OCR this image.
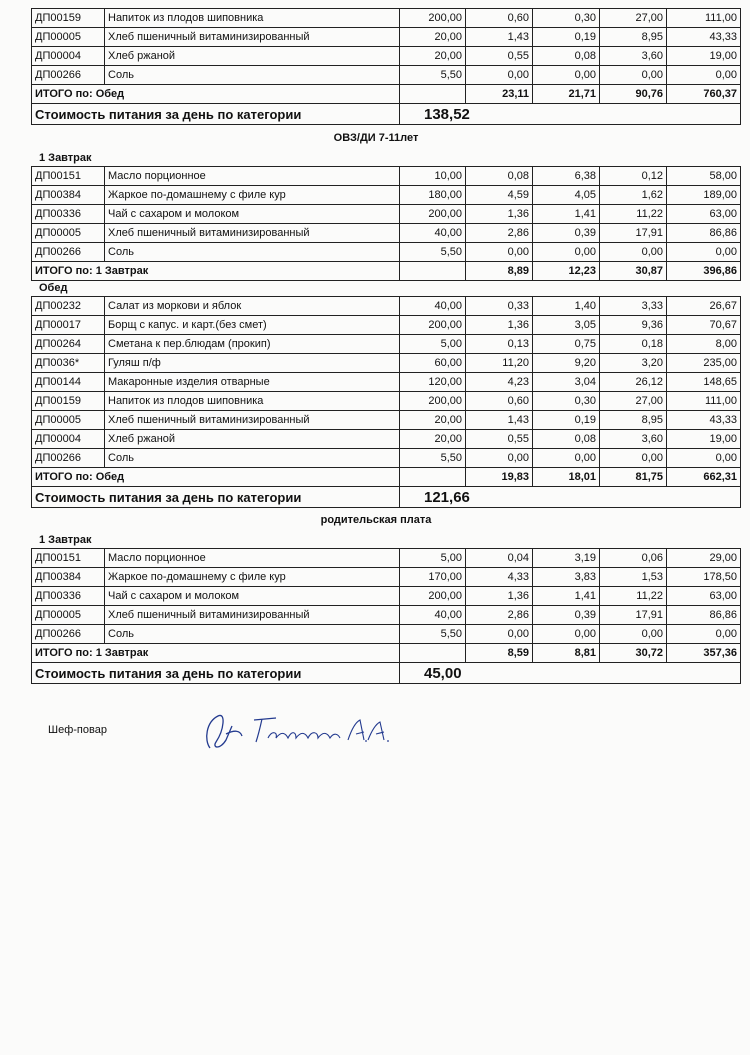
ДП00159	Напиток из плодов шиповника	200,00	0,60	0,30	27,00	111,00
ДП00005	Хлеб пшеничный витаминизированный	20,00	1,43	0,19	8,95	43,33
ДП00004	Хлеб ржаной	20,00	0,55	0,08	3,60	19,00
ДП00266	Соль	5,50	0,00	0,00	0,00	0,00
ИТОГО по: Обед			23,11	21,71	90,76	760,37
Стоимость питания за день по категории		138,52				
ОВЗ/ДИ 7-11лет
1 Завтрак
ДП00151	Масло порционное	10,00	0,08	6,38	0,12	58,00
ДП00384	Жаркое по-домашнему с филе кур	180,00	4,59	4,05	1,62	189,00
ДП00336	Чай с сахаром и молоком	200,00	1,36	1,41	11,22	63,00
ДП00005	Хлеб пшеничный витаминизированный	40,00	2,86	0,39	17,91	86,86
ДП00266	Соль	5,50	0,00	0,00	0,00	0,00
ИТОГО по: 1 Завтрак			8,89	12,23	30,87	396,86
Обед
ДП00232	Салат из моркови и яблок	40,00	0,33	1,40	3,33	26,67
ДП00017	Борщ с капус. и карт.(без смет)	200,00	1,36	3,05	9,36	70,67
ДП00264	Сметана к пер.блюдам (прокип)	5,00	0,13	0,75	0,18	8,00
ДП0036*	Гуляш п/ф	60,00	11,20	9,20	3,20	235,00
ДП00144	Макаронные изделия отварные	120,00	4,23	3,04	26,12	148,65
ДП00159	Напиток из плодов шиповника	200,00	0,60	0,30	27,00	111,00
ДП00005	Хлеб пшеничный витаминизированный	20,00	1,43	0,19	8,95	43,33
ДП00004	Хлеб ржаной	20,00	0,55	0,08	3,60	19,00
ДП00266	Соль	5,50	0,00	0,00	0,00	0,00
ИТОГО по: Обед			19,83	18,01	81,75	662,31
Стоимость питания за день по категории		121,66				
родительская плата
1 Завтрак
ДП00151	Масло порционное	5,00	0,04	3,19	0,06	29,00
ДП00384	Жаркое по-домашнему с филе кур	170,00	4,33	3,83	1,53	178,50
ДП00336	Чай с сахаром и молоком	200,00	1,36	1,41	11,22	63,00
ДП00005	Хлеб пшеничный витаминизированный	40,00	2,86	0,39	17,91	86,86
ДП00266	Соль	5,50	0,00	0,00	0,00	0,00
ИТОГО по: 1 Завтрак			8,59	8,81	30,72	357,36
Стоимость питания за день по категории		45,00				
Шеф-повар
